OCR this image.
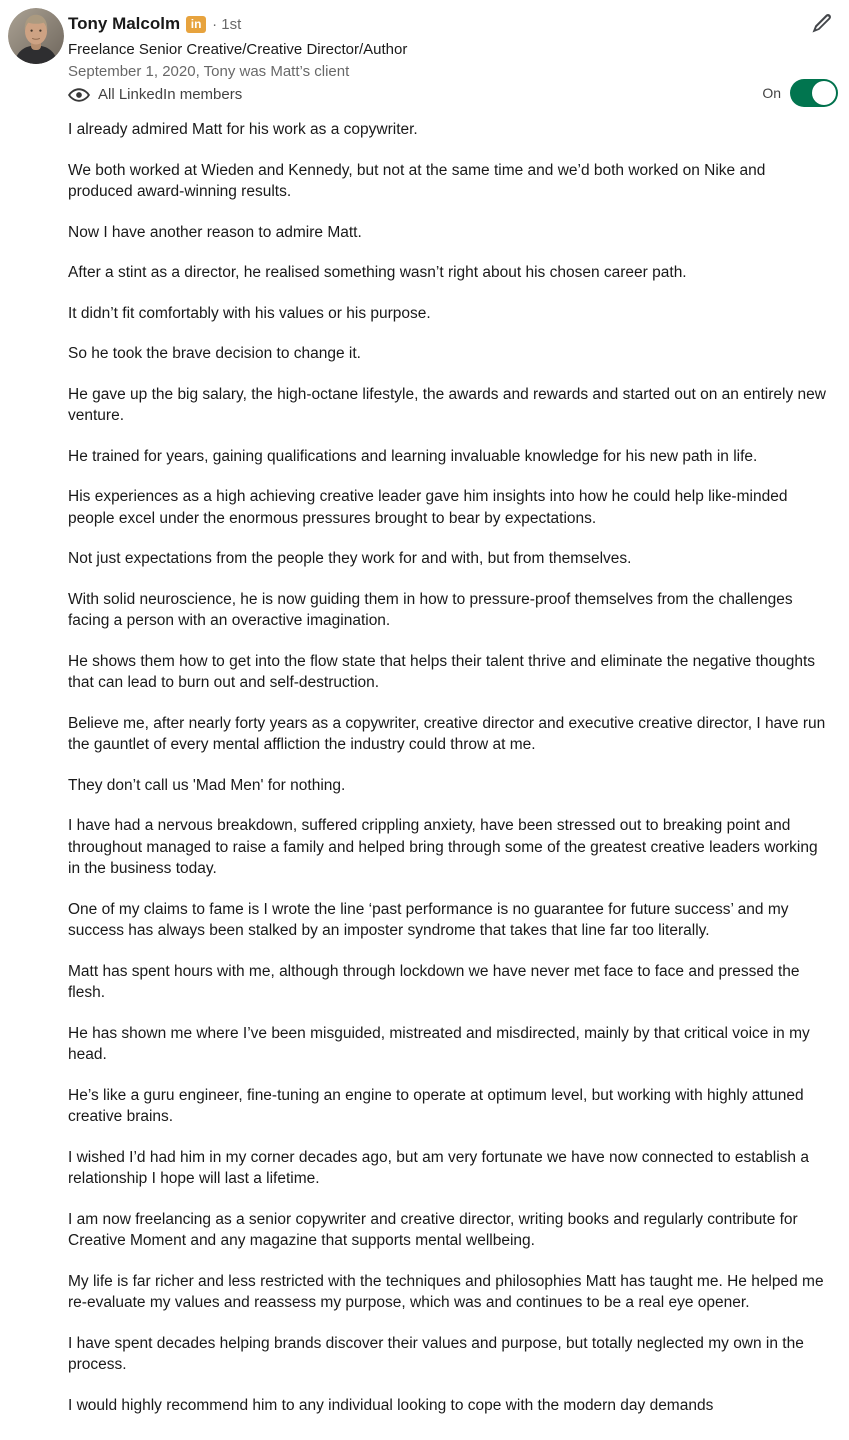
Tony Malcolm in · 1st
Freelance Senior Creative/Creative Director/Author
September 1, 2020, Tony was Matt’s client
All LinkedIn members	On

I already admired Matt for his work as a copywriter.

We both worked at Wieden and Kennedy, but not at the same time and we’d both worked on Nike and produced award-winning results.

Now I have another reason to admire Matt.

After a stint as a director, he realised something wasn’t right about his chosen career path.

It didn’t fit comfortably with his values or his purpose.

So he took the brave decision to change it.

He gave up the big salary, the high-octane lifestyle, the awards and rewards and started out on an entirely new venture.

He trained for years, gaining qualifications and learning invaluable knowledge for his new path in life.

His experiences as a high achieving creative leader gave him insights into how he could help like-minded people excel under the enormous pressures brought to bear by expectations.

Not just expectations from the people they work for and with, but from themselves.

With solid neuroscience, he is now guiding them in how to pressure-proof themselves from the challenges facing a person with an overactive imagination.

He shows them how to get into the flow state that helps their talent thrive and eliminate the negative thoughts that can lead to burn out and self-destruction.

Believe me, after nearly forty years as a copywriter, creative director and executive creative director, I have run the gauntlet of every mental affliction the industry could throw at me.

They don’t call us 'Mad Men' for nothing.

I have had a nervous breakdown, suffered crippling anxiety, have been stressed out to breaking point and throughout managed to raise a family and helped bring through some of the greatest creative leaders working in the business today.

One of my claims to fame is I wrote the line ‘past performance is no guarantee for future success’ and my success has always been stalked by an imposter syndrome that takes that line far too literally.

Matt has spent hours with me, although through lockdown we have never met face to face and pressed the flesh.

He has shown me where I’ve been misguided, mistreated and misdirected, mainly by that critical voice in my head.

He’s like a guru engineer, fine-tuning an engine to operate at optimum level, but working with highly attuned creative brains.

I wished I’d had him in my corner decades ago, but am very fortunate we have now connected to establish a relationship I hope will last a lifetime.

I am now freelancing as a senior copywriter and creative director, writing books and regularly contribute for Creative Moment and any magazine that supports mental wellbeing.

My life is far richer and less restricted with the techniques and philosophies Matt has taught me. He helped me re-evaluate my values and reassess my purpose, which was and continues to be a real eye opener.

I have spent decades helping brands discover their values and purpose, but totally neglected my own in the process.

I would highly recommend him to any individual looking to cope with the modern day demands
